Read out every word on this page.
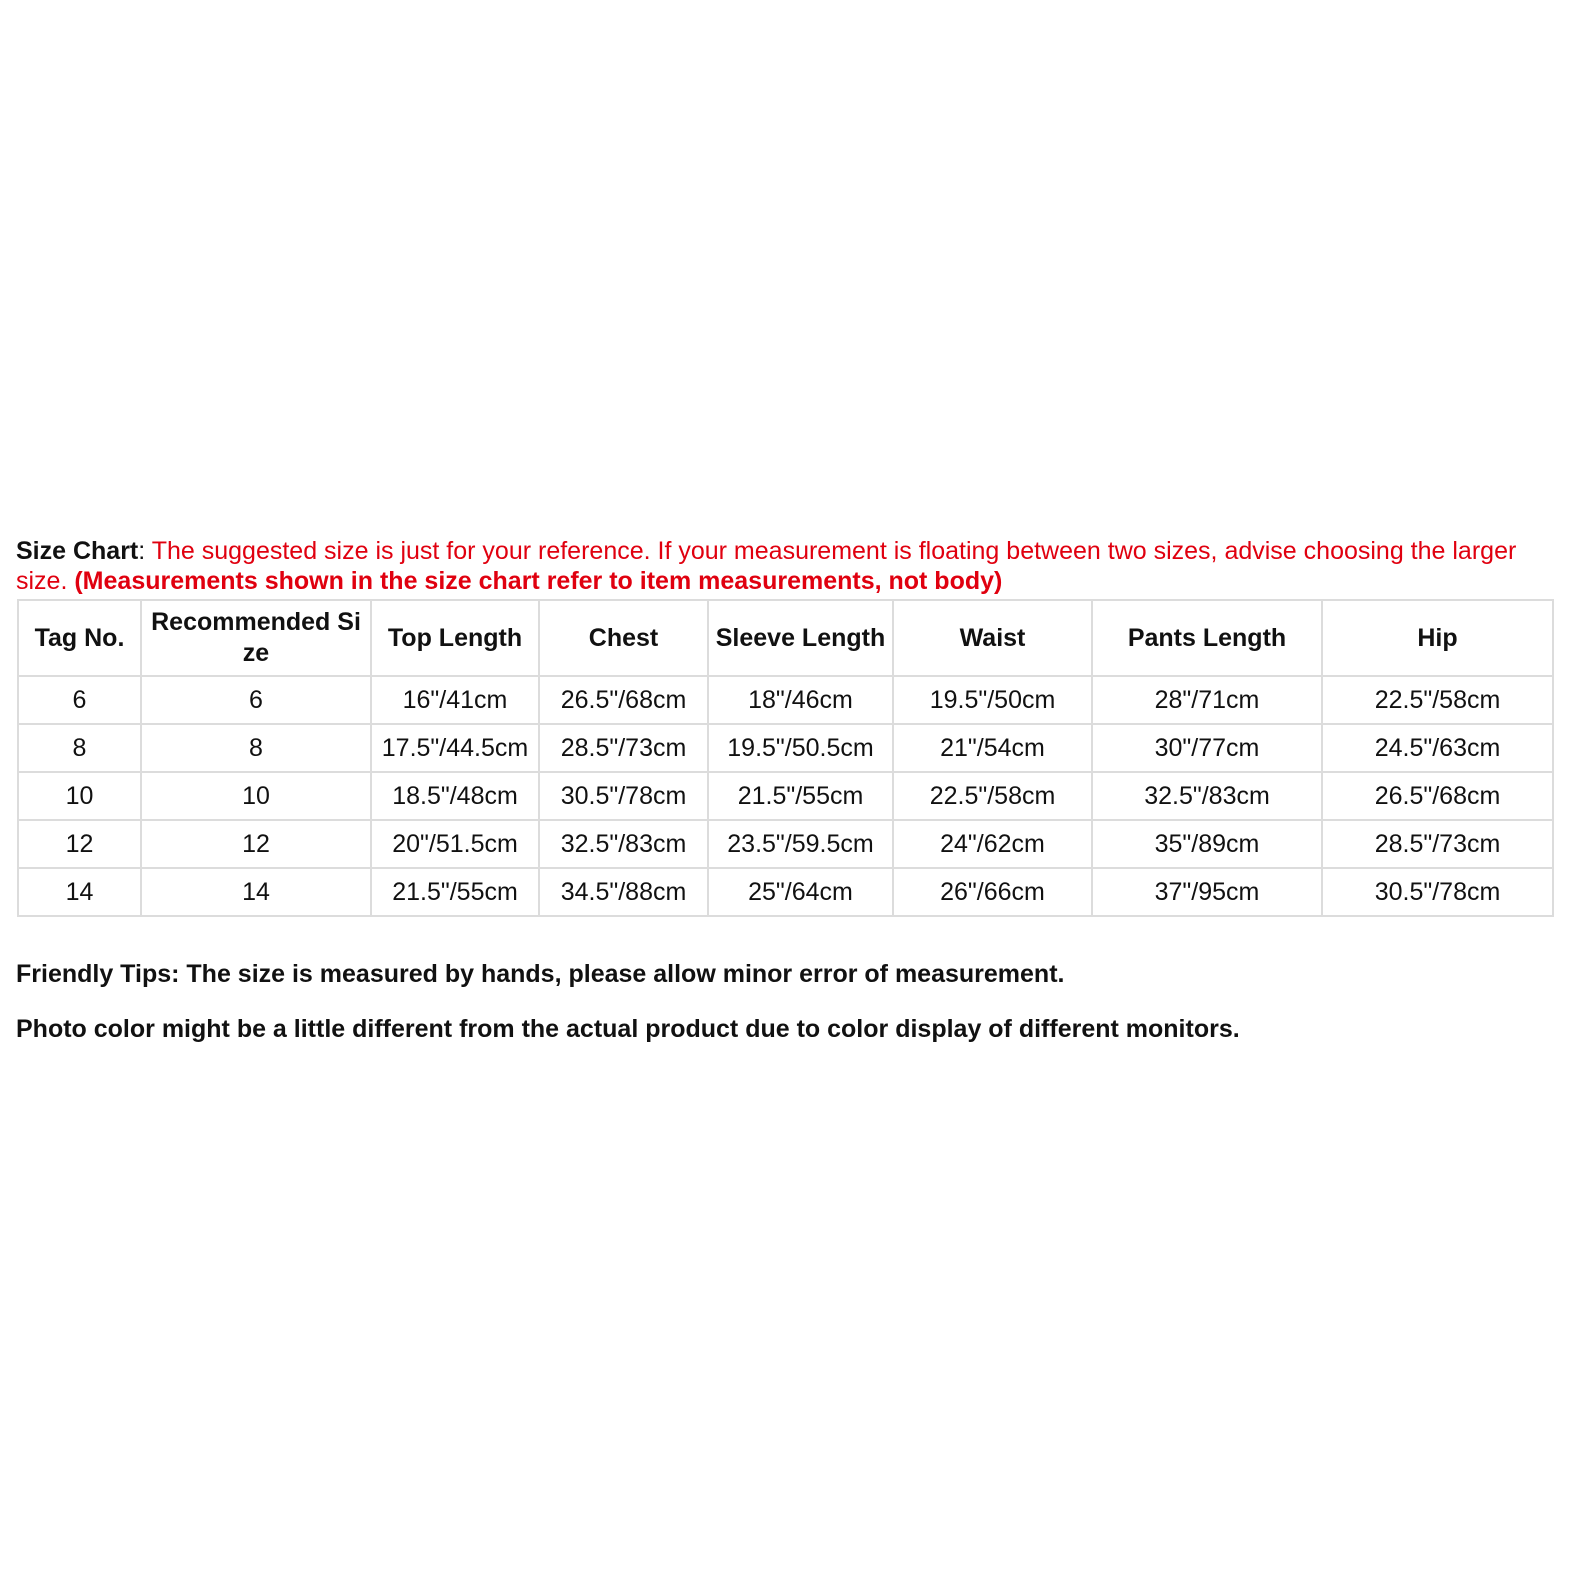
Size Chart: The suggested size is just for your reference. If your measurement is floating between two sizes, advise choosing the larger size. (Measurements shown in the size chart refer to item measurements, not body)
Tag No.	Recommended Size	Top Length	Chest	Sleeve Length	Waist	Pants Length	Hip
6	6	16"/41cm	26.5"/68cm	18"/46cm	19.5"/50cm	28"/71cm	22.5"/58cm
8	8	17.5"/44.5cm	28.5"/73cm	19.5"/50.5cm	21"/54cm	30"/77cm	24.5"/63cm
10	10	18.5"/48cm	30.5"/78cm	21.5"/55cm	22.5"/58cm	32.5"/83cm	26.5"/68cm
12	12	20"/51.5cm	32.5"/83cm	23.5"/59.5cm	24"/62cm	35"/89cm	28.5"/73cm
14	14	21.5"/55cm	34.5"/88cm	25"/64cm	26"/66cm	37"/95cm	30.5"/78cm
Friendly Tips: The size is measured by hands, please allow minor error of measurement.
Photo color might be a little different from the actual product due to color display of different monitors.
